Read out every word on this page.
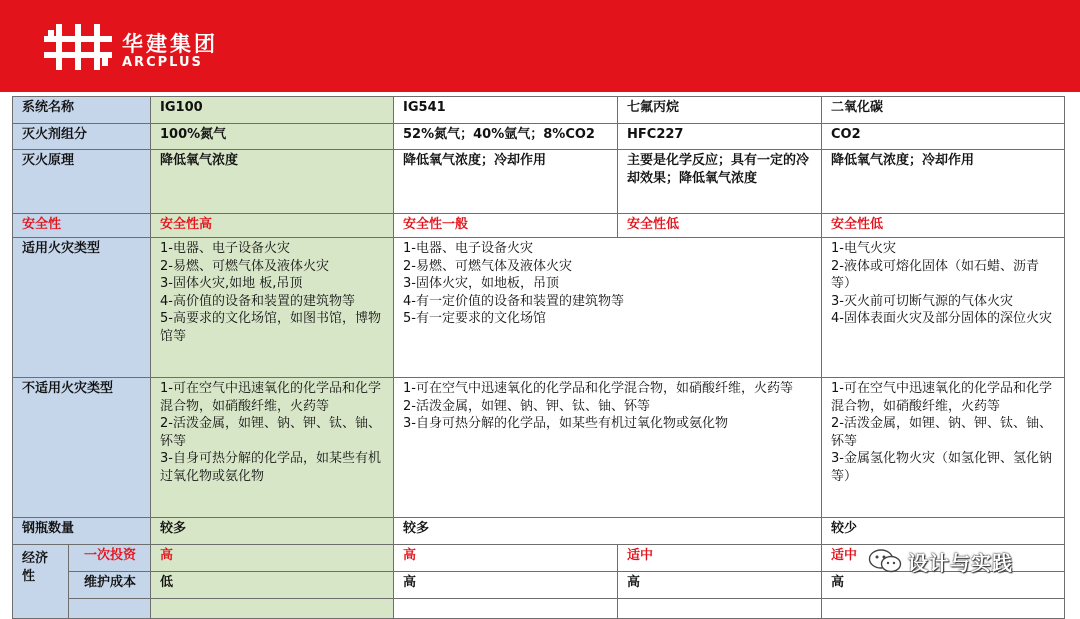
华建集团
ARCPLUS
系统名称		IG100	IG541	七氟丙烷	二氧化碳
灭火剂组分		100%氮气	52%氮气；40%氩气；8%CO2	HFC227	CO2
灭火原理		降低氧气浓度	降低氧气浓度；冷却作用	主要是化学反应；具有一定的冷却效果；降低氧气浓度	降低氧气浓度；冷却作用
安全性		安全性高	安全性一般	安全性低	安全性低
适用火灾类型		1-电器、电子设备火灾
2-易燃、可燃气体及液体火灾
3-固体火灾,如地 板,吊顶
4-高价值的设备和装置的建筑物等
5-高要求的文化场馆，如图书馆，博物馆等	1-电器、电子设备火灾
2-易燃、可燃气体及液体火灾
3-固体火灾，如地板，吊顶
4-有一定价值的设备和装置的建筑物等
5-有一定要求的文化场馆		1-电气火灾
2-液体或可熔化固体（如石蜡、沥青等）
3-灭火前可切断气源的气体火灾
4-固体表面火灾及部分固体的深位火灾
不适用火灾类型		1-可在空气中迅速氧化的化学品和化学混合物，如硝酸纤维，火药等
2-活泼金属，如锂、钠、钾、钛、铀、钚等
3-自身可热分解的化学品，如某些有机过氧化物或氨化物	1-可在空气中迅速氧化的化学品和化学混合物，如硝酸纤维，火药等
2-活泼金属，如锂、钠、钾、钛、铀、钚等
3-自身可热分解的化学品，如某些有机过氧化物或氨化物		1-可在空气中迅速氧化的化学品和化学混合物，如硝酸纤维，火药等
2-活泼金属，如锂、钠、钾、钛、铀、钚等
3-金属氢化物火灾（如氢化钾、氢化钠等）
钢瓶数量		较多	较多		较少
经济性	一次投资	高	高	适中	适中
	维护成本	低	高	高	高

设计与实践
